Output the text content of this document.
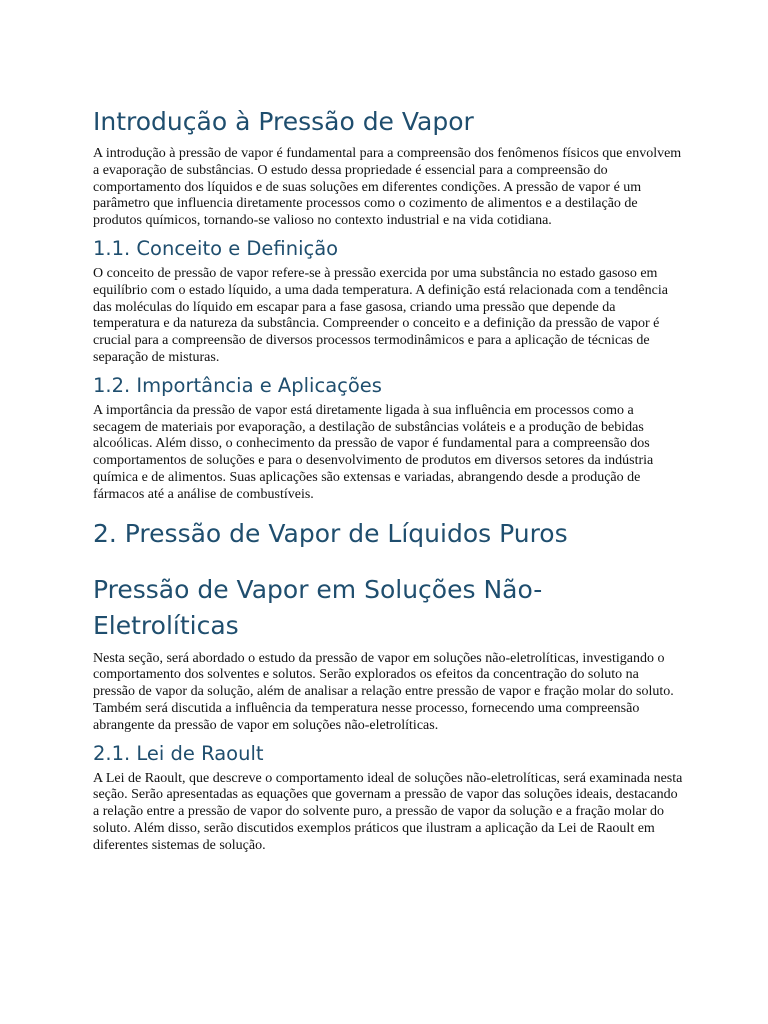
Introdução à Pressão de Vapor

A introdução à pressão de vapor é fundamental para a compreensão dos fenômenos físicos que envolvem a evaporação de substâncias. O estudo dessa propriedade é essencial para a compreensão do comportamento dos líquidos e de suas soluções em diferentes condições. A pressão de vapor é um parâmetro que influencia diretamente processos como o cozimento de alimentos e a destilação de produtos químicos, tornando-se valioso no contexto industrial e na vida cotidiana.

1.1. Conceito e Definição

O conceito de pressão de vapor refere-se à pressão exercida por uma substância no estado gasoso em equilíbrio com o estado líquido, a uma dada temperatura. A definição está relacionada com a tendência das moléculas do líquido em escapar para a fase gasosa, criando uma pressão que depende da temperatura e da natureza da substância. Compreender o conceito e a definição da pressão de vapor é crucial para a compreensão de diversos processos termodinâmicos e para a aplicação de técnicas de separação de misturas.

1.2. Importância e Aplicações

A importância da pressão de vapor está diretamente ligada à sua influência em processos como a secagem de materiais por evaporação, a destilação de substâncias voláteis e a produção de bebidas alcoólicas. Além disso, o conhecimento da pressão de vapor é fundamental para a compreensão dos comportamentos de soluções e para o desenvolvimento de produtos em diversos setores da indústria química e de alimentos. Suas aplicações são extensas e variadas, abrangendo desde a produção de fármacos até a análise de combustíveis.

2. Pressão de Vapor de Líquidos Puros
Pressão de Vapor em Soluções Não-Eletrolíticas

Nesta seção, será abordado o estudo da pressão de vapor em soluções não-eletrolíticas, investigando o comportamento dos solventes e solutos. Serão explorados os efeitos da concentração do soluto na pressão de vapor da solução, além de analisar a relação entre pressão de vapor e fração molar do soluto. Também será discutida a influência da temperatura nesse processo, fornecendo uma compreensão abrangente da pressão de vapor em soluções não-eletrolíticas.

2.1. Lei de Raoult

A Lei de Raoult, que descreve o comportamento ideal de soluções não-eletrolíticas, será examinada nesta seção. Serão apresentadas as equações que governam a pressão de vapor das soluções ideais, destacando a relação entre a pressão de vapor do solvente puro, a pressão de vapor da solução e a fração molar do soluto. Além disso, serão discutidos exemplos práticos que ilustram a aplicação da Lei de Raoult em diferentes sistemas de solução.
